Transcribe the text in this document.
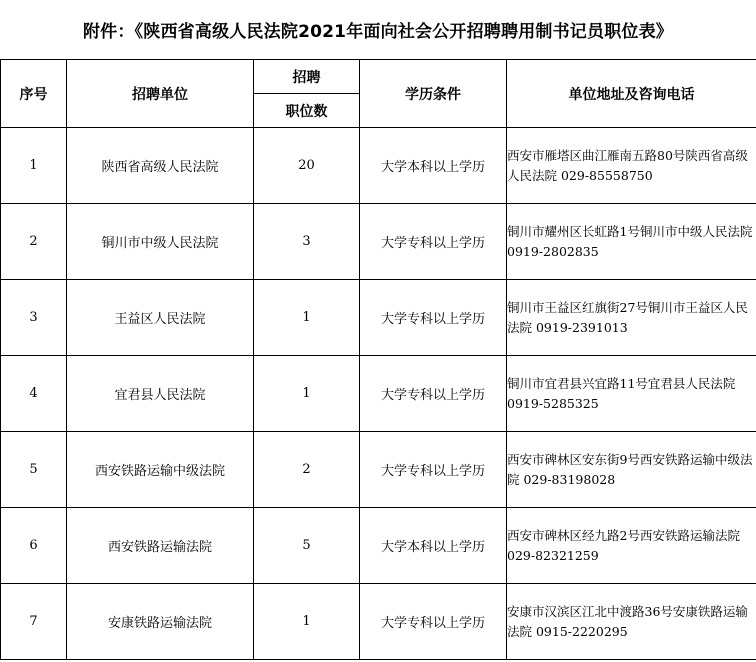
附件：《陕西省高级人民法院2021年面向社会公开招聘聘用制书记员职位表》
序号	招聘单位	招聘	学历条件	单位地址及咨询电话
		职位数		
1	陕西省高级人民法院	20	大学本科以上学历	西安市雁塔区曲江雁南五路80号陕西省高级人民法院 029-85558750
2	铜川市中级人民法院	3	大学专科以上学历	铜川市耀州区长虹路1号铜川市中级人民法院 0919-2802835
3	王益区人民法院	1	大学专科以上学历	铜川市王益区红旗街27号铜川市王益区人民法院 0919-2391013
4	宜君县人民法院	1	大学专科以上学历	铜川市宜君县兴宜路11号宜君县人民法院 0919-5285325
5	西安铁路运输中级法院	2	大学专科以上学历	西安市碑林区安东街9号西安铁路运输中级法院 029-83198028
6	西安铁路运输法院	5	大学本科以上学历	西安市碑林区经九路2号西安铁路运输法院 029-82321259
7	安康铁路运输法院	1	大学专科以上学历	安康市汉滨区江北中渡路36号安康铁路运输法院 0915-2220295
